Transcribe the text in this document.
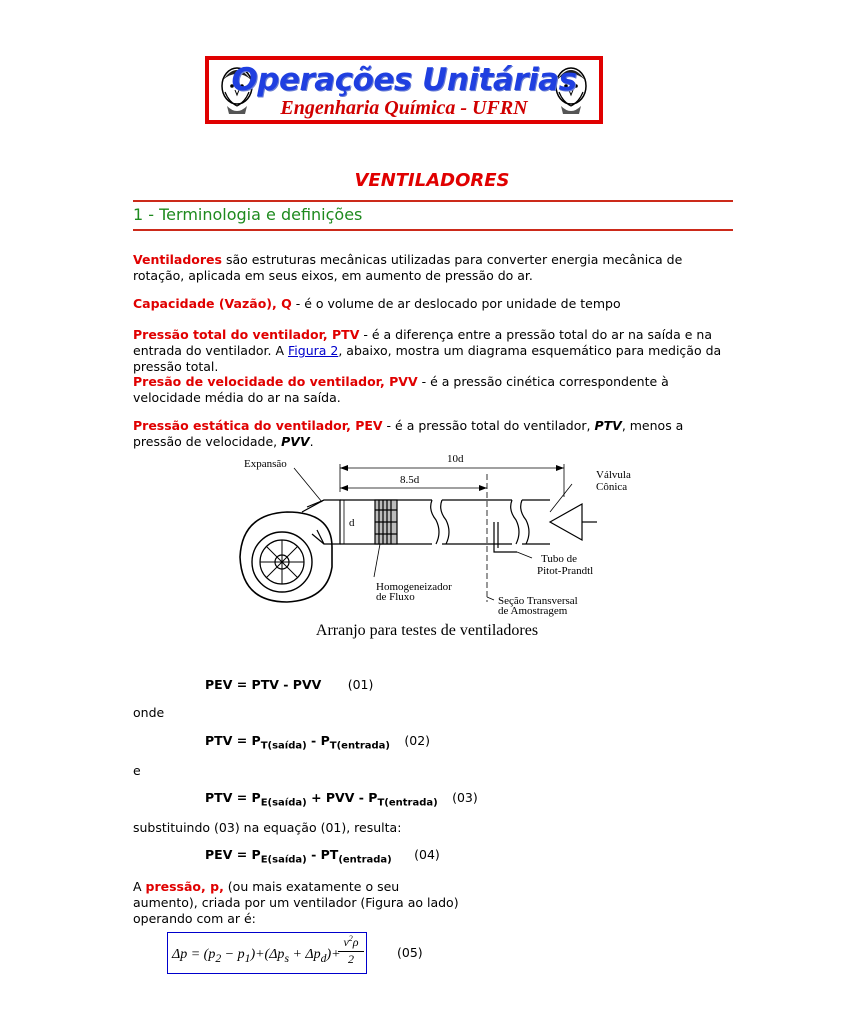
Operações Unitárias
Engenharia Química - UFRN
VENTILADORES
1 - Terminologia e definições
Ventiladores são estruturas mecânicas utilizadas para converter energia mecânica de rotação, aplicada em seus eixos, em aumento de pressão do ar.
Capacidade (Vazão), Q - é o volume de ar deslocado por unidade de tempo
Pressão total do ventilador, PTV - é a diferença entre a pressão total do ar na saída e na entrada do ventilador. A Figura 2, abaixo, mostra um diagrama esquemático para medição da pressão total.
Presão de velocidade do ventilador, PVV - é a pressão cinética correspondente à velocidade média do ar na saída.
Pressão estática do ventilador, PEV - é a pressão total do ventilador, PTV, menos a pressão de velocidade, PVV.
Expansão	10d
8.5d	Válvula
Cônica
d
Tubo de
Pitot-Prandtl
Homogeneizador
de Fluxo	Seção Transversal
de Amostragem
Arranjo para testes de ventiladores
PEV = PTV - PVV (01)
onde
PTV = $P_{T(saída)} - P_{T(entrada)}$ (02)
e
PTV = $P_{E(saída)}$ + PVV - $P_{T(entrada)}$ (03)
substituindo (03) na equação (01), resulta:
PEV = $P_{E(saída)} - PT_{(entrada)}$ (04)
A pressão, p, (ou mais exatamente o seu aumento), criada por um ventilador (Figura ao lado) operando com ar é:
$\Delta p = (p_2 - p_1)+(\Delta p_s + \Delta p_d)+$
$\frac{v^2\rho}{2}$	(05)
